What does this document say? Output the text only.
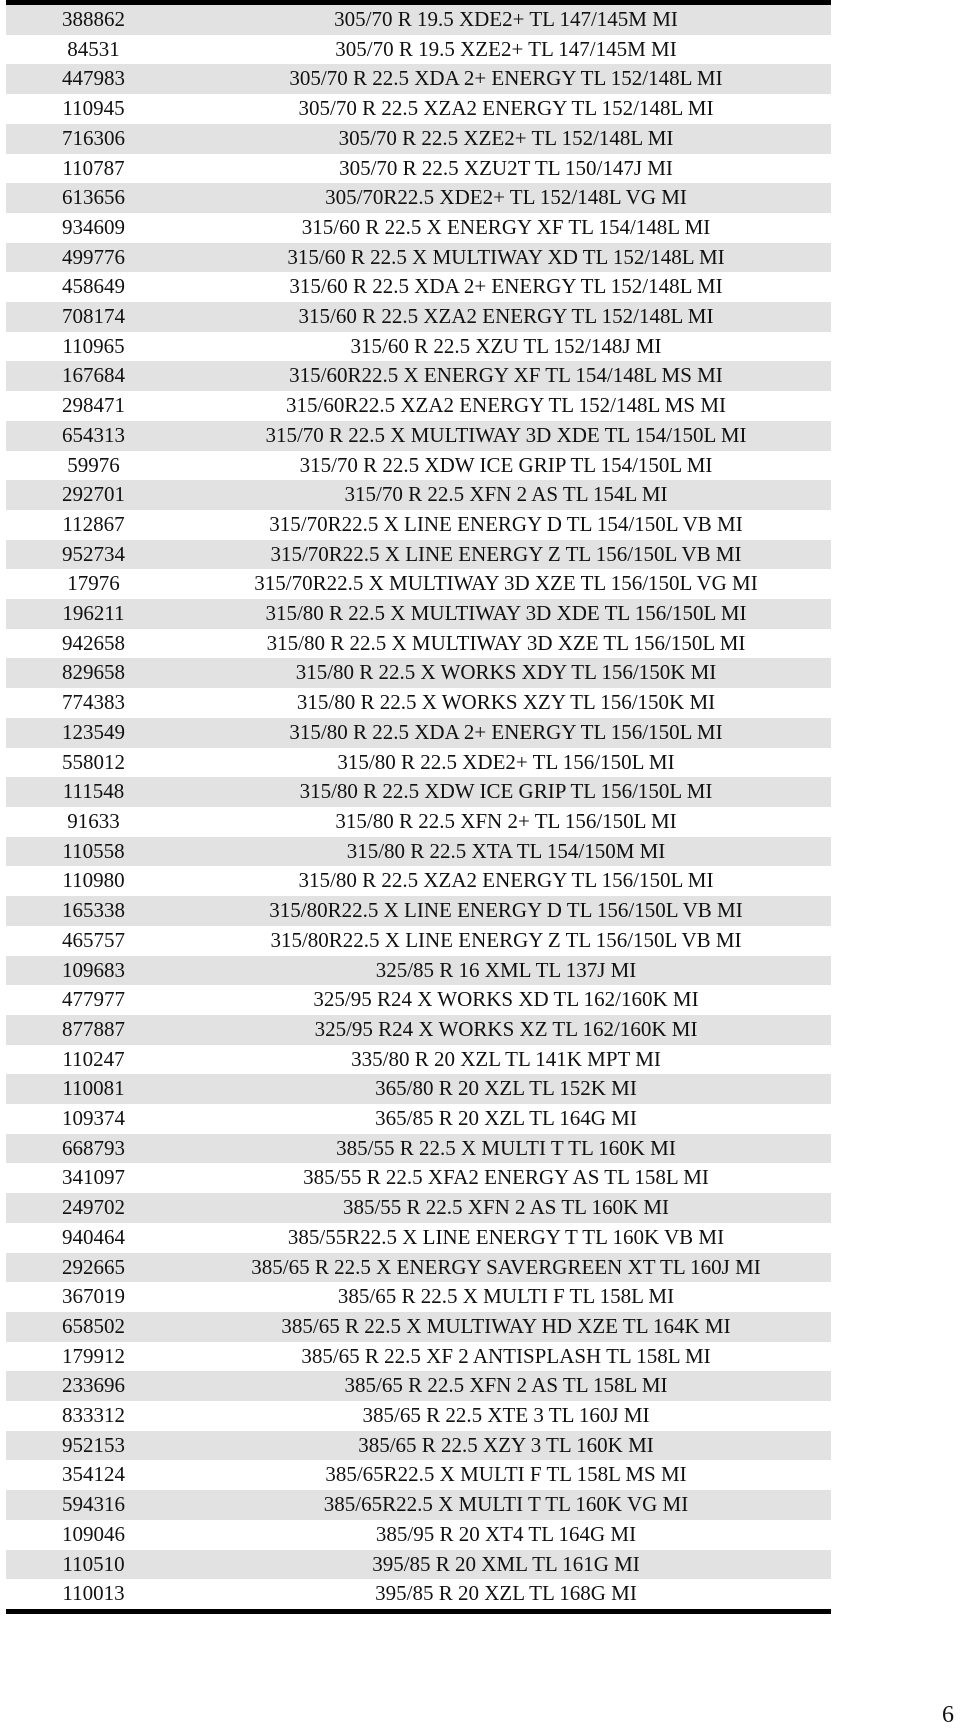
388862	305/70 R 19.5 XDE2+ TL 147/145M MI
84531	305/70 R 19.5 XZE2+ TL 147/145M MI
447983	305/70 R 22.5 XDA 2+ ENERGY TL 152/148L MI
110945	305/70 R 22.5 XZA2 ENERGY TL 152/148L MI
716306	305/70 R 22.5 XZE2+ TL 152/148L MI
110787	305/70 R 22.5 XZU2T TL 150/147J MI
613656	305/70R22.5 XDE2+ TL 152/148L VG MI
934609	315/60 R 22.5 X ENERGY XF TL 154/148L MI
499776	315/60 R 22.5 X MULTIWAY XD TL 152/148L MI
458649	315/60 R 22.5 XDA 2+ ENERGY TL 152/148L MI
708174	315/60 R 22.5 XZA2 ENERGY TL 152/148L MI
110965	315/60 R 22.5 XZU TL 152/148J MI
167684	315/60R22.5 X ENERGY XF TL 154/148L MS MI
298471	315/60R22.5 XZA2 ENERGY TL 152/148L MS MI
654313	315/70 R 22.5 X MULTIWAY 3D XDE TL 154/150L MI
59976	315/70 R 22.5 XDW ICE GRIP TL 154/150L MI
292701	315/70 R 22.5 XFN 2 AS TL 154L MI
112867	315/70R22.5 X LINE ENERGY D TL 154/150L VB MI
952734	315/70R22.5 X LINE ENERGY Z TL 156/150L VB MI
17976	315/70R22.5 X MULTIWAY 3D XZE TL 156/150L VG MI
196211	315/80 R 22.5 X MULTIWAY 3D XDE TL 156/150L MI
942658	315/80 R 22.5 X MULTIWAY 3D XZE TL 156/150L MI
829658	315/80 R 22.5 X WORKS XDY TL 156/150K MI
774383	315/80 R 22.5 X WORKS XZY TL 156/150K MI
123549	315/80 R 22.5 XDA 2+ ENERGY TL 156/150L MI
558012	315/80 R 22.5 XDE2+ TL 156/150L MI
111548	315/80 R 22.5 XDW ICE GRIP TL 156/150L MI
91633	315/80 R 22.5 XFN 2+ TL 156/150L MI
110558	315/80 R 22.5 XTA TL 154/150M MI
110980	315/80 R 22.5 XZA2 ENERGY TL 156/150L MI
165338	315/80R22.5 X LINE ENERGY D TL 156/150L VB MI
465757	315/80R22.5 X LINE ENERGY Z TL 156/150L VB MI
109683	325/85 R 16 XML TL 137J MI
477977	325/95 R24 X WORKS XD TL 162/160K MI
877887	325/95 R24 X WORKS XZ TL 162/160K MI
110247	335/80 R 20 XZL TL 141K MPT MI
110081	365/80 R 20 XZL TL 152K MI
109374	365/85 R 20 XZL TL 164G MI
668793	385/55 R 22.5 X MULTI T TL 160K MI
341097	385/55 R 22.5 XFA2 ENERGY AS TL 158L MI
249702	385/55 R 22.5 XFN 2 AS TL 160K MI
940464	385/55R22.5 X LINE ENERGY T TL 160K VB MI
292665	385/65 R 22.5 X ENERGY SAVERGREEN XT TL 160J MI
367019	385/65 R 22.5 X MULTI F TL 158L MI
658502	385/65 R 22.5 X MULTIWAY HD XZE TL 164K MI
179912	385/65 R 22.5 XF 2 ANTISPLASH TL 158L MI
233696	385/65 R 22.5 XFN 2 AS TL 158L MI
833312	385/65 R 22.5 XTE 3 TL 160J MI
952153	385/65 R 22.5 XZY 3 TL 160K MI
354124	385/65R22.5 X MULTI F TL 158L MS MI
594316	385/65R22.5 X MULTI T TL 160K VG MI
109046	385/95 R 20 XT4 TL 164G MI
110510	395/85 R 20 XML TL 161G MI
110013	395/85 R 20 XZL TL 168G MI
6
